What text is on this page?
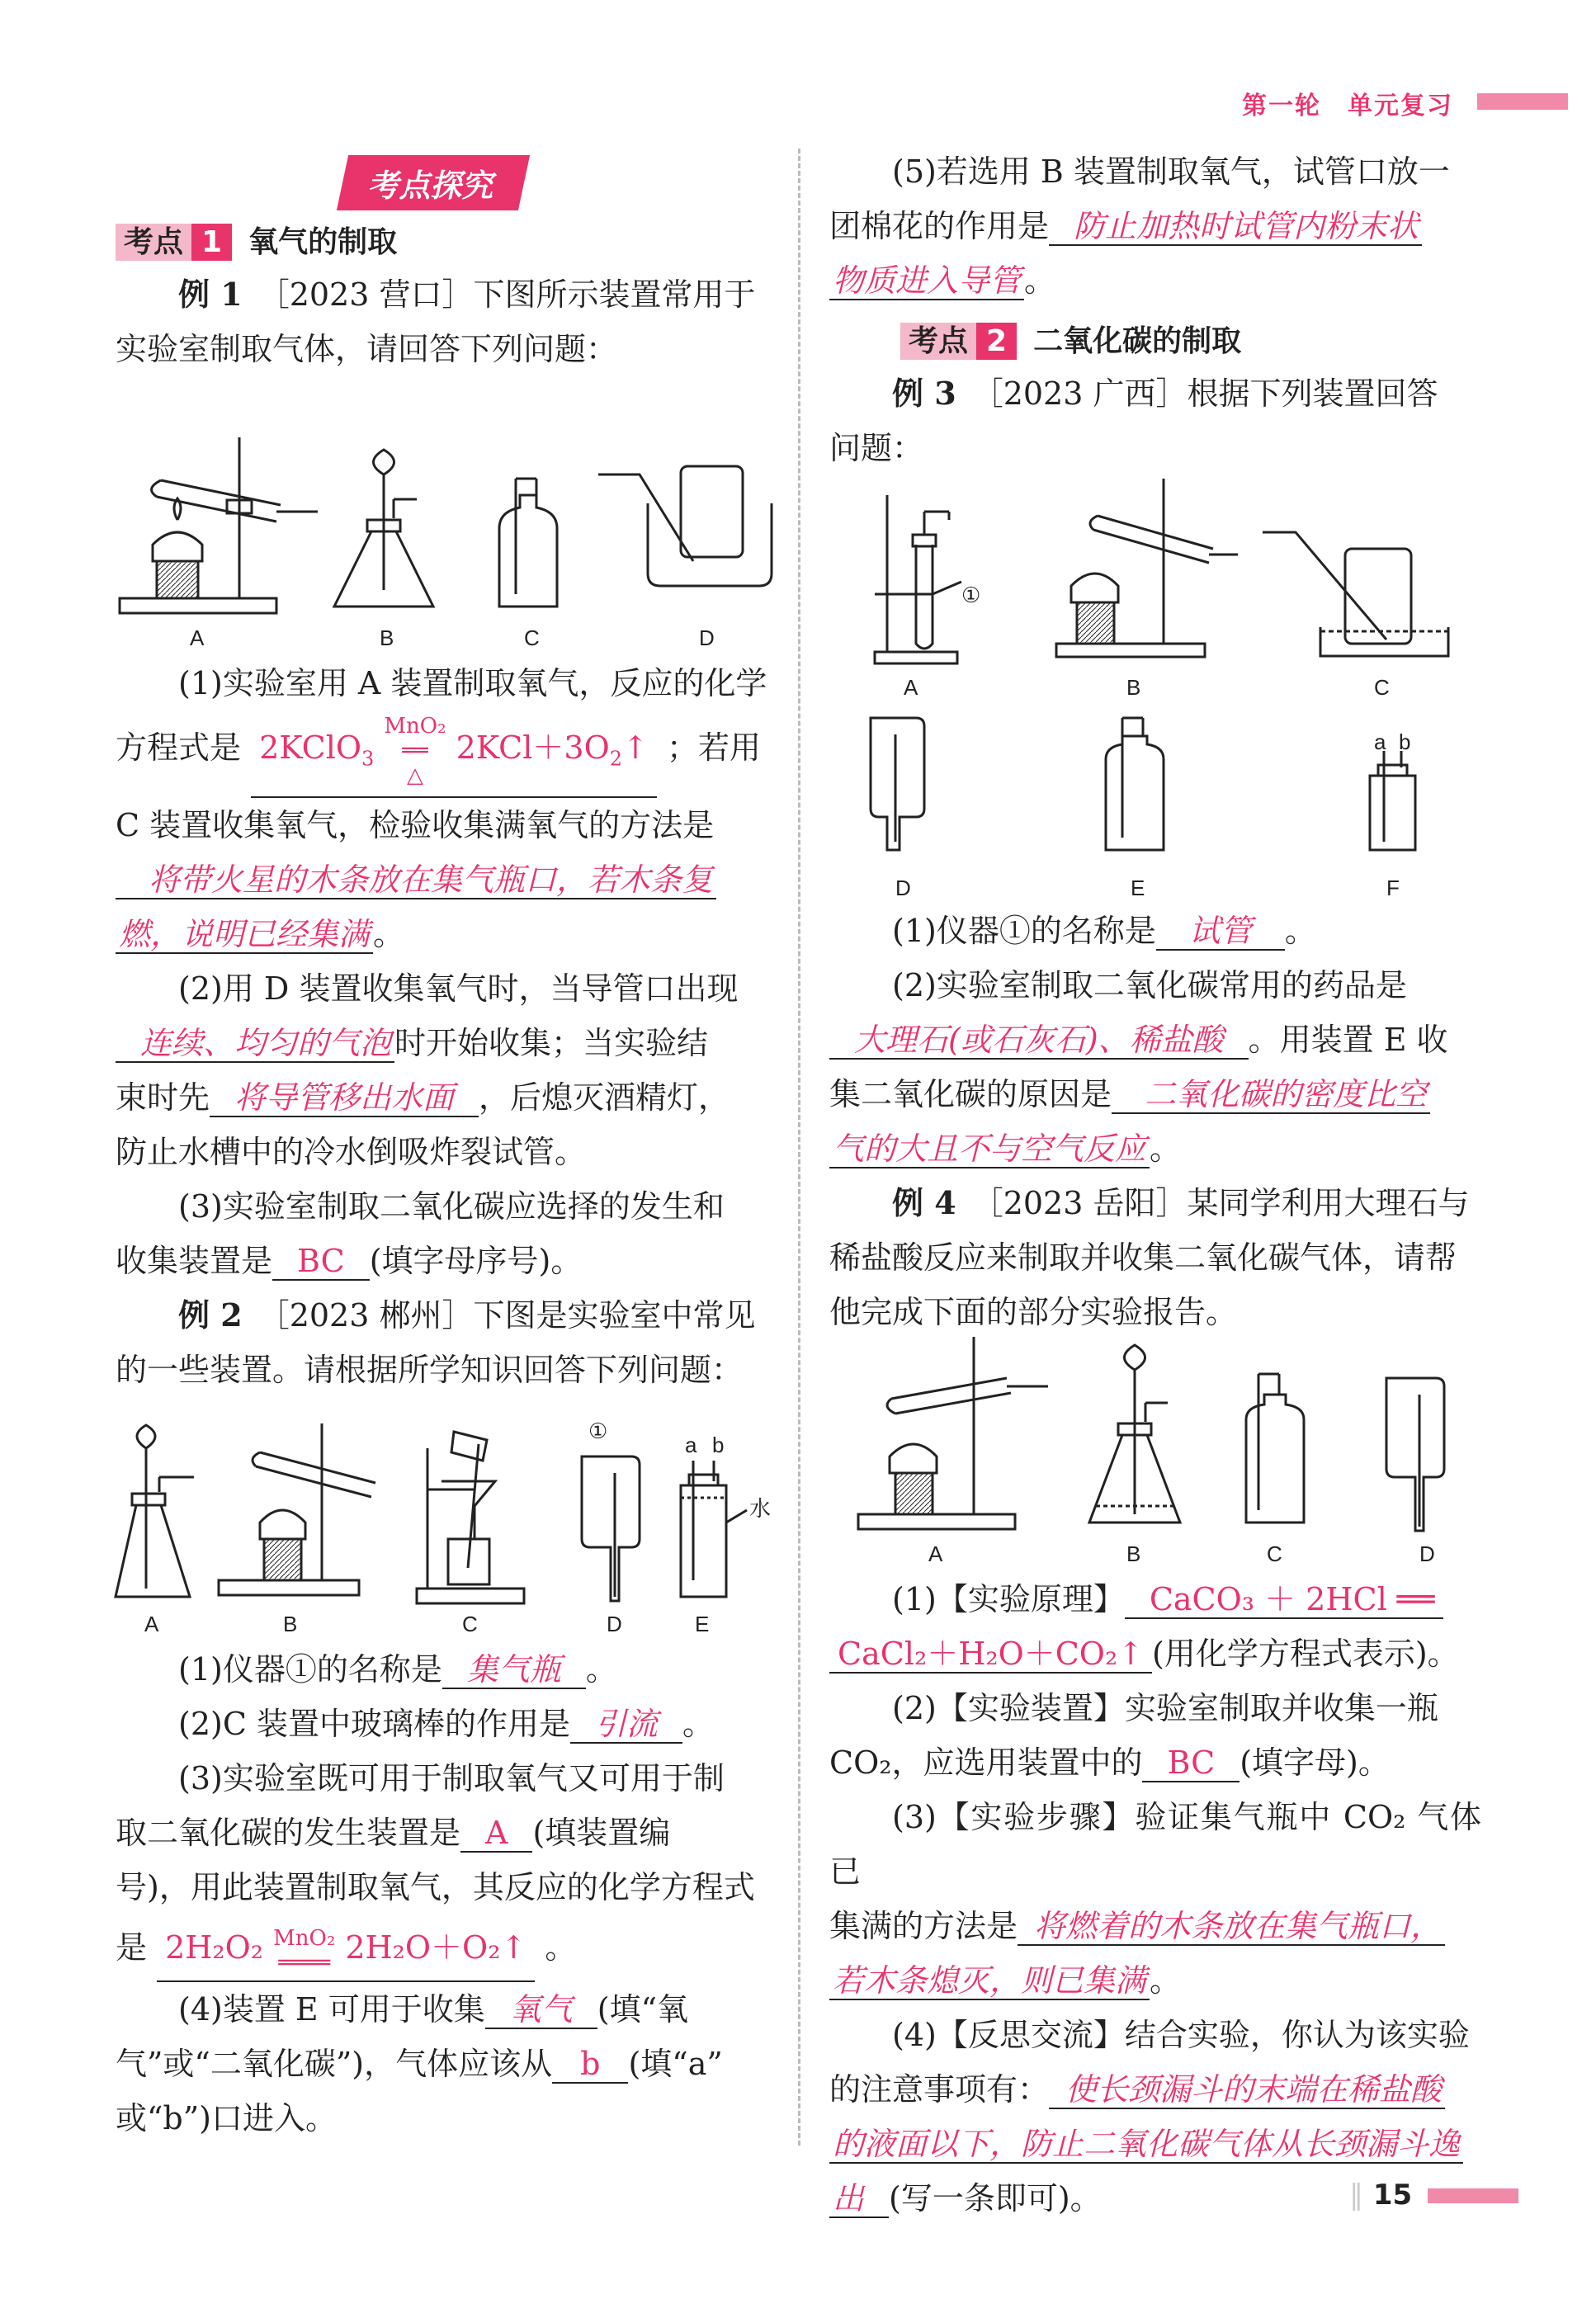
第一轮　 单元复习
考点探究
考点 1 氧气的制取

例 1　 ［2023 营口］下图所示装置常用于

实验室制取气体，请回答下列问题：

A	B	C	D

(1)实验室用 A 装置制取氧气，反应的化学

方程式是 2KClO$_3$ MnO₂
══
△ $2KCl+3O_2↑$ ；若用

C 装置收集氧气，检验收集满氧气的方法是

将带火星的木条放在集气瓶口，若木条复

燃，说明已经集满 。

(2)用 D 装置收集氧气时，当导管口出现

连续、均匀的气泡 时开始收集；当实验结

束时先 将导管移出水面 ，后熄灭酒精灯，

防止水槽中的冷水倒吸炸裂试管。

(3)实验室制取二氧化碳应选择的发生和

收集装置是 BC (填字母序号)。

例 2　 ［2023 郴州］下图是实验室中常见

的一些装置。请根据所学知识回答下列问题：

①
a b
水
A	B	C	D	E

(1)仪器①的名称是 集气瓶 。

(2)C 装置中玻璃棒的作用是 引流 。

(3)实验室既可用于制取氧气又可用于制

取二氧化碳的发生装置是 A (填装置编

号)，用此装置制取氧气，其反应的化学方程式

是 2H₂O₂ MnO₂
════ 2H₂O＋O₂↑ 。

(4)装置 E 可用于收集 氧气 (填“氧

气”或“二氧化碳”)，气体应该从 b (填“a”

或“b”)口进入。

(5)若选用 B 装置制取氧气，试管口放一

团棉花的作用是 防止加热时试管内粉末状

物质进入导管 。

考点 2 二氧化碳的制取

例 3　 ［2023 广西］根据下列装置回答

问题：

①
A	B	C
a b
D	E	F

(1)仪器①的名称是 试管 。

(2)实验室制取二氧化碳常用的药品是

大理石(或石灰石)、稀盐酸 。用装置 E 收

集二氧化碳的原因是 二氧化碳的密度比空

气的大且不与空气反应 。

例 4　 ［2023 岳阳］某同学利用大理石与

稀盐酸反应来制取并收集二氧化碳气体，请帮

他完成下面的部分实验报告。

A	B	C	D

(1)【实验原理】 CaCO₃ ＋ 2HCl ══

CaCl₂＋H₂O＋CO₂↑ (用化学方程式表示)。

(2)【实验装置】实验室制取并收集一瓶

CO₂，应选用装置中的 BC (填字母)。

(3)【实验步骤】验证集气瓶中 CO₂ 气体已

集满的方法是 将燃着的木条放在集气瓶口，

若木条熄灭，则已集满 。

(4)【反思交流】结合实验，你认为该实验

的注意事项有： 使长颈漏斗的末端在稀盐酸

的液面以下，防止二氧化碳气体从长颈漏斗逸

出 (写一条即可)。	‖ 15
